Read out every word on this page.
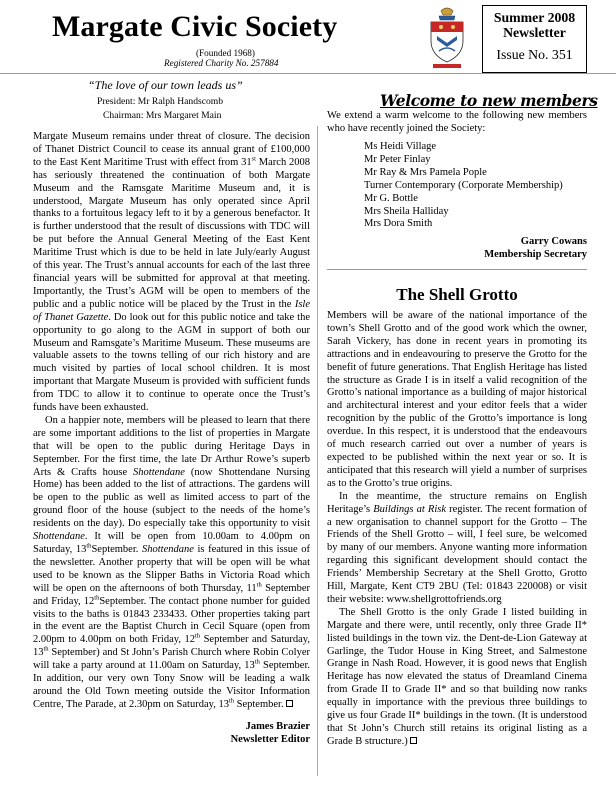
Margate Civic Society
(Founded 1968)
Registered Charity No. 257884
Summer 2008
Newsletter
Issue No. 351
“The love of our town leads us”
President: Mr Ralph Handscomb
Chairman: Mrs Margaret Main

Margate Museum remains under threat of closure. The decision of Thanet District Council to cease its annual grant of £100,000 to the East Kent Maritime Trust with effect from 31st March 2008 has seriously threatened the continuation of both Margate Museum and the Ramsgate Maritime Museum and, it is understood, Margate Museum has only operated since April thanks to a fortuitous legacy left to it by a generous benefactor. It is further understood that the result of discussions with TDC will be put before the Annual General Meeting of the East Kent Maritime Trust which is due to be held in late July/early August of this year. The Trust’s annual accounts for each of the last three financial years will be submitted for approval at that meeting. Importantly, the Trust’s AGM will be open to members of the public and a public notice will be placed by the Trust in the Isle of Thanet Gazette. Do look out for this public notice and take the opportunity to go along to the AGM in support of both our Museum and Ramsgate’s Maritime Museum. These museums are valuable assets to the towns telling of our rich history and are much visited by parties of local school children. It is most important that Margate Museum is provided with sufficient funds from TDC to allow it to continue to operate once the Trust’s funds have been exhausted.

On a happier note, members will be pleased to learn that there are some important additions to the list of properties in Margate that will be open to the public during Heritage Days in September. For the first time, the late Dr Arthur Rowe’s superb Arts & Crafts house Shottendane (now Shottendane Nursing Home) has been added to the list of attractions. The gardens will be open to the public as well as limited access to part of the ground floor of the house (subject to the needs of the home’s residents on the day). Do especially take this opportunity to visit Shottendane. It will be open from 10.00am to 4.00pm on Saturday, 13thSeptember. Shottendane is featured in this issue of the newsletter. Another property that will be open will be what used to be known as the Slipper Baths in Victoria Road which will be open on the afternoons of both Thursday, 11th September and Friday, 12thSeptember. The contact phone number for guided visits to the baths is 01843 233433. Other properties taking part in the event are the Baptist Church in Cecil Square (open from 2.00pm to 4.00pm on both Friday, 12th September and Saturday, 13th September) and St John’s Parish Church where Robin Colyer will take a party around at 11.00am on Saturday, 13th September. In addition, our very own Tony Snow will be leading a walk around the Old Town meeting outside the Visitor Information Centre, The Parade, at 2.30pm on Saturday, 13th September.

James Brazier
Newsletter Editor
Welcome to new members

We extend a warm welcome to the following new members who have recently joined the Society:

Ms Heidi Village
Mr Peter Finlay
Mr Ray & Mrs Pamela Pople
Turner Contemporary (Corporate Membership)
Mr G. Bottle
Mrs Sheila Halliday
Mrs Dora Smith
Garry Cowans
Membership Secretary
The Shell Grotto

Members will be aware of the national importance of the town’s Shell Grotto and of the good work which the owner, Sarah Vickery, has done in recent years in promoting its attractions and in endeavouring to preserve the Grotto for the benefit of future generations. That English Heritage has listed the structure as Grade I is in itself a valid recognition of the Grotto’s national importance as a building of major historical and architectural interest and your editor feels that a wider recognition by the public of the Grotto’s importance is long overdue. In this respect, it is understood that the endeavours of much research carried out over a number of years is expected to be published within the next year or so. It is anticipated that this research will yield a number of surprises as to the Grotto’s true origins.

In the meantime, the structure remains on English Heritage’s Buildings at Risk register. The recent formation of a new organisation to channel support for the Grotto – The Friends of the Shell Grotto – will, I feel sure, be welcomed by many of our members. Anyone wanting more information regarding this significant development should contact the Friends’ Membership Secretary at the Shell Grotto, Grotto Hill, Margate, Kent CT9 2BU (Tel: 01843 220008) or visit their website: www.shellgrottofriends.org

The Shell Grotto is the only Grade I listed building in Margate and there were, until recently, only three Grade II* listed buildings in the town viz. the Dent-de-Lion Gateway at Garlinge, the Tudor House in King Street, and Salmestone Grange in Nash Road. However, it is good news that English Heritage has now elevated the status of Dreamland Cinema from Grade II to Grade II* and so that building now ranks equally in importance with the previous three buildings to give us four Grade II* buildings in the town. (It is understood that St John’s Church still retains its original listing as a Grade B structure.)
